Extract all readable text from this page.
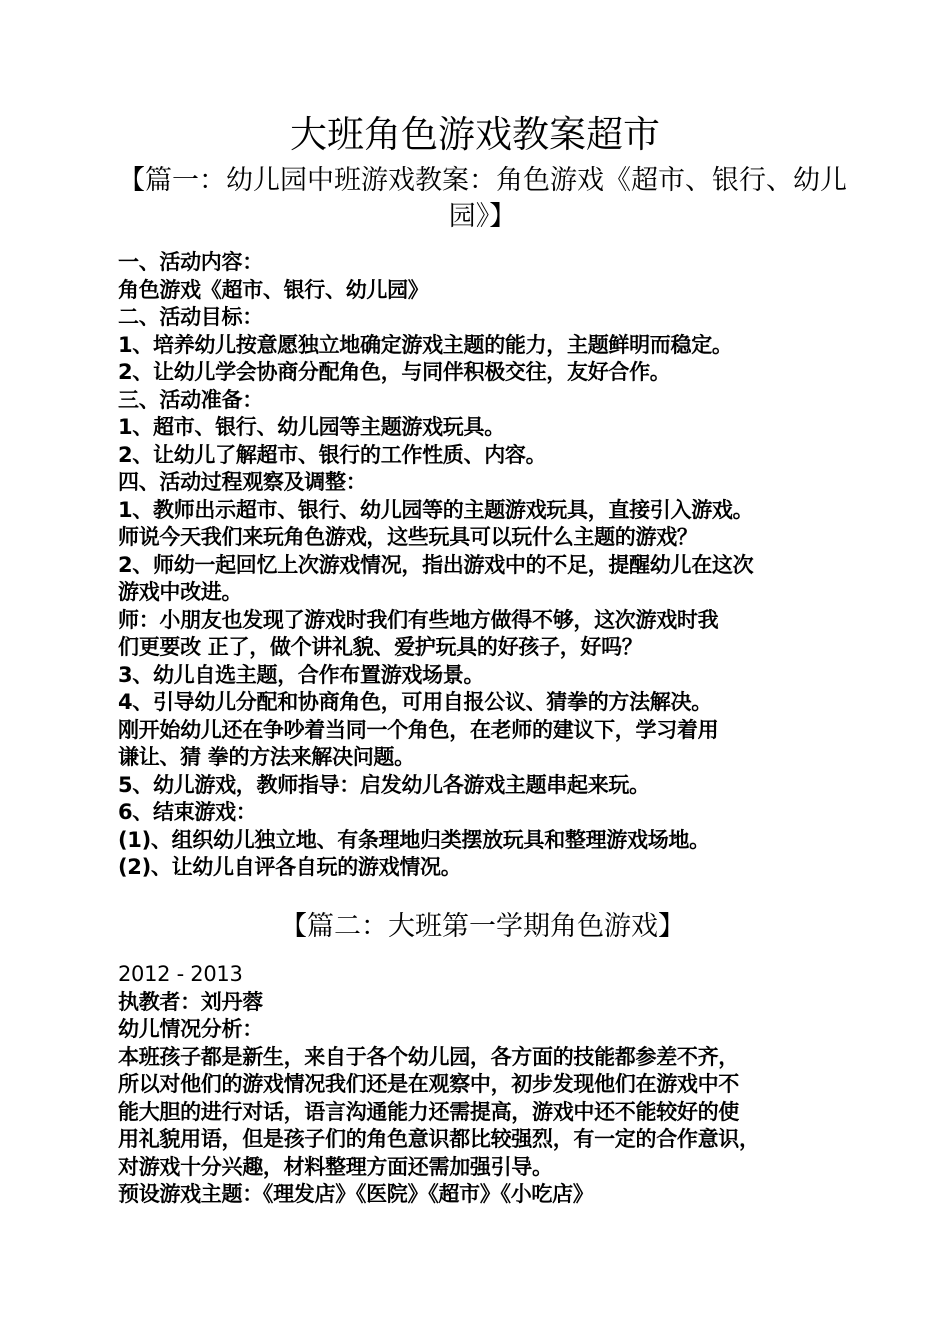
大班角色游戏教案超市
【篇一：幼儿园中班游戏教案：角色游戏《超市、银行、幼儿园》】
一、活动内容：
角色游戏《超市、银行、幼儿园》
二、活动目标：
1、培养幼儿按意愿独立地确定游戏主题的能力，主题鲜明而稳定。
2、让幼儿学会协商分配角色，与同伴积极交往，友好合作。
三、活动准备：
1、超市、银行、幼儿园等主题游戏玩具。
2、让幼儿了解超市、银行的工作性质、内容。
四、活动过程观察及调整：
1、教师出示超市、银行、幼儿园等的主题游戏玩具，直接引入游戏。
师说今天我们来玩角色游戏，这些玩具可以玩什么主题的游戏？
2、师幼一起回忆上次游戏情况，指出游戏中的不足，提醒幼儿在这次
游戏中改进。
师：小朋友也发现了游戏时我们有些地方做得不够，这次游戏时我
们更要改 正了，做个讲礼貌、爱护玩具的好孩子，好吗？
3、幼儿自选主题，合作布置游戏场景。
4、引导幼儿分配和协商角色，可用自报公议、猜拳的方法解决。
刚开始幼儿还在争吵着当同一个角色，在老师的建议下，学习着用
谦让、猜 拳的方法来解决问题。
5、幼儿游戏，教师指导：启发幼儿各游戏主题串起来玩。
6、结束游戏：
(1)、组织幼儿独立地、有条理地归类摆放玩具和整理游戏场地。
(2)、让幼儿自评各自玩的游戏情况。
【篇二：大班第一学期角色游戏】
2012 - 2013
执教者：刘丹蓉
幼儿情况分析：
本班孩子都是新生，来自于各个幼儿园，各方面的技能都参差不齐，
所以对他们的游戏情况我们还是在观察中，初步发现他们在游戏中不
能大胆的进行对话，语言沟通能力还需提高，游戏中还不能较好的使
用礼貌用语，但是孩子们的角色意识都比较强烈，有一定的合作意识，
对游戏十分兴趣，材料整理方面还需加强引导。
预设游戏主题：《理发店》《医院》《超市》《小吃店》
